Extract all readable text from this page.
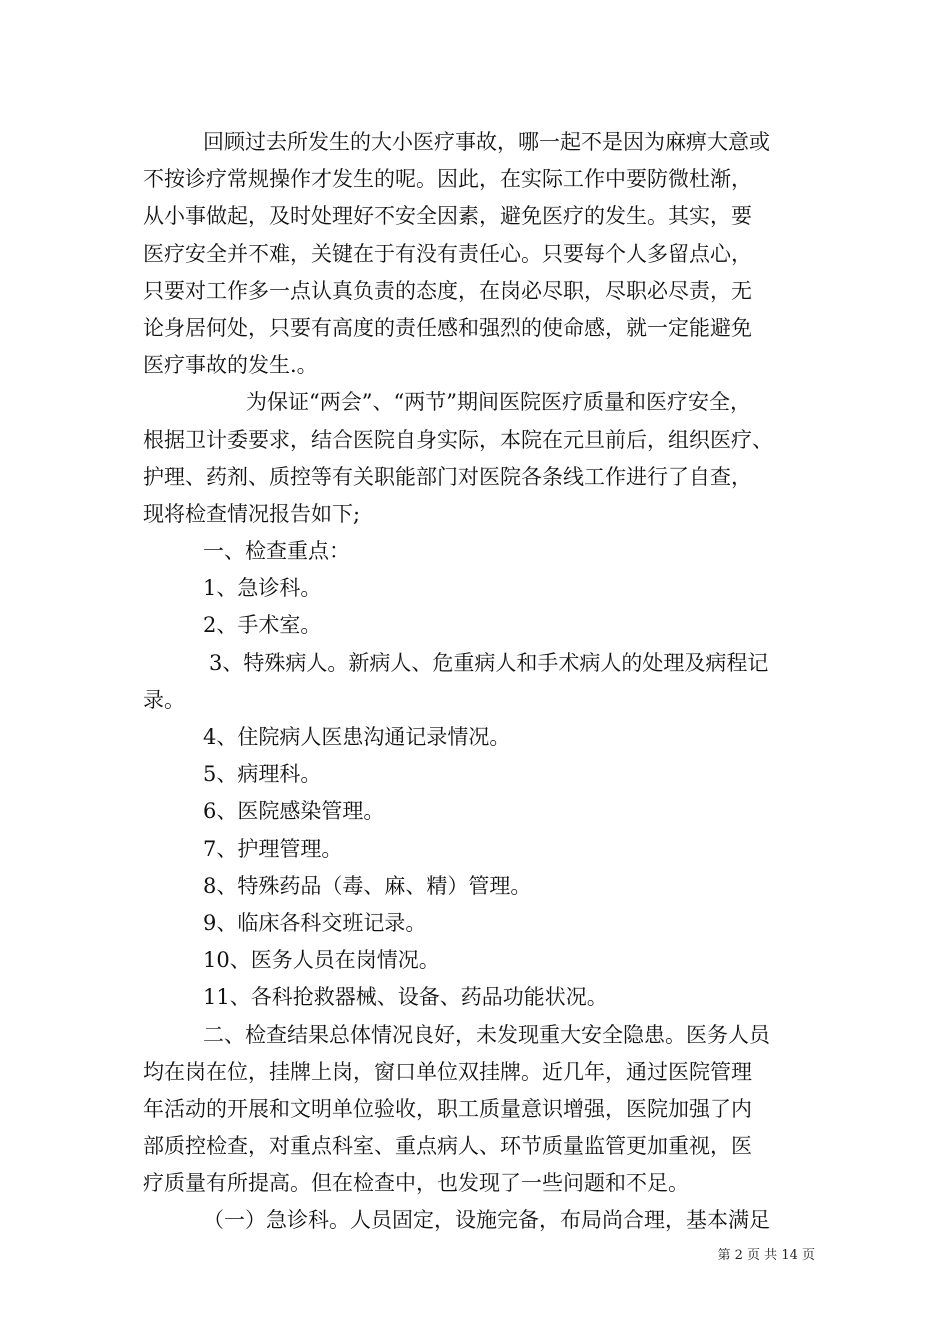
回顾过去所发生的大小医疗事故，哪一起不是因为麻痹大意或
不按诊疗常规操作才发生的呢。因此，在实际工作中要防微杜渐，
从小事做起，及时处理好不安全因素，避免医疗的发生。其实，要
医疗安全并不难，关键在于有没有责任心。只要每个人多留点心，
只要对工作多一点认真负责的态度，在岗必尽职，尽职必尽责，无
论身居何处，只要有高度的责任感和强烈的使命感，就一定能避免
医疗事故的发生.。
为保证“两会”、“两节”期间医院医疗质量和医疗安全，
根据卫计委要求，结合医院自身实际，本院在元旦前后，组织医疗、
护理、药剂、质控等有关职能部门对医院各条线工作进行了自查，
现将检查情况报告如下;
一、检查重点：
1、急诊科。
2、手术室。
3、特殊病人。新病人、危重病人和手术病人的处理及病程记
录。
4、住院病人医患沟通记录情况。
5、病理科。
6、医院感染管理。
7、护理管理。
8、特殊药品（毒、麻、精）管理。
9、临床各科交班记录。
10、医务人员在岗情况。
11、各科抢救器械、设备、药品功能状况。
二、检查结果总体情况良好，未发现重大安全隐患。医务人员
均在岗在位，挂牌上岗，窗口单位双挂牌。近几年，通过医院管理
年活动的开展和文明单位验收，职工质量意识增强，医院加强了内
部质控检查，对重点科室、重点病人、环节质量监管更加重视，医
疗质量有所提高。但在检查中，也发现了一些问题和不足。
（一）急诊科。人员固定，设施完备，布局尚合理，基本满足
第 2 页 共 14 页
